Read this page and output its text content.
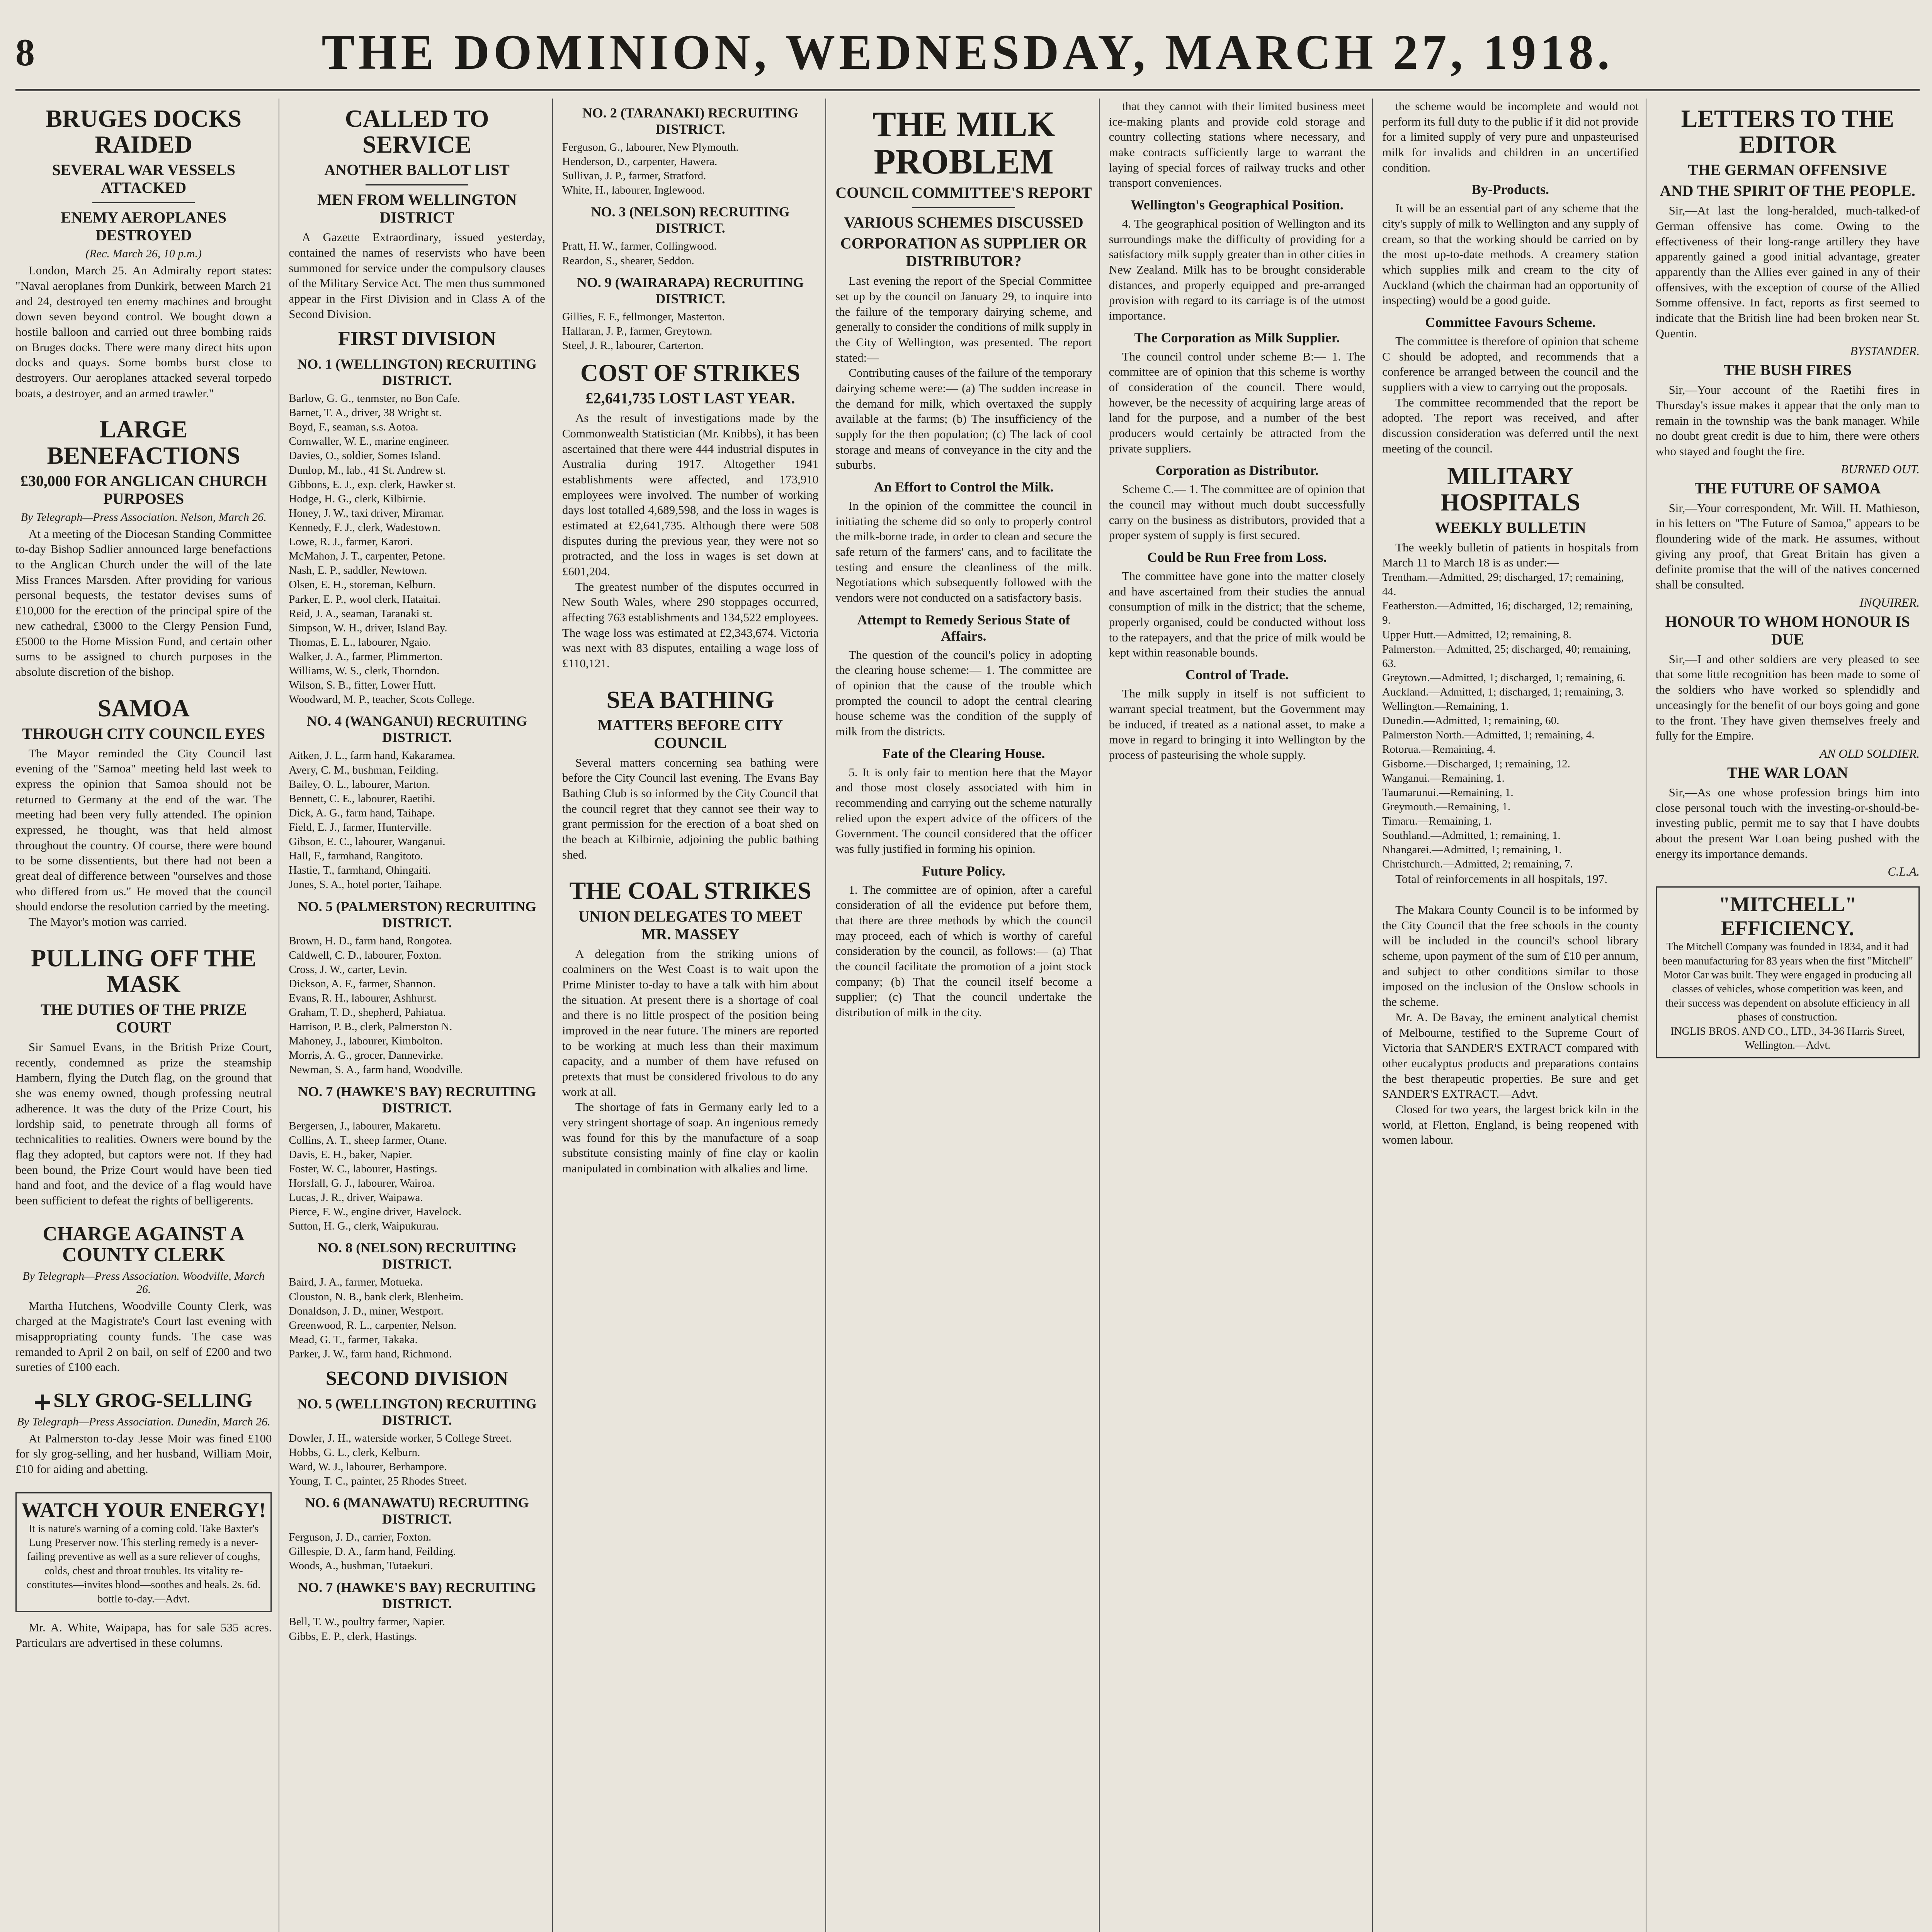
8	THE DOMINION, WEDNESDAY, MARCH 27, 1918.
BRUGES DOCKS RAIDED
SEVERAL WAR VESSELS ATTACKED
ENEMY AEROPLANES DESTROYED
(Rec. March 26, 10 p.m.)

London, March 25. An Admiralty report states: "Naval aeroplanes from Dunkirk, between March 21 and 24, destroyed ten enemy machines and brought down seven beyond control. We bought down a hostile balloon and carried out three bombing raids on Bruges docks. There were many direct hits upon docks and quays. Some bombs burst close to destroyers. Our aeroplanes attacked several torpedo boats, a destroyer, and an armed trawler."

LARGE BENEFACTIONS
£30,000 FOR ANGLICAN CHURCH PURPOSES
By Telegraph—Press Association. Nelson, March 26.

At a meeting of the Diocesan Standing Committee to-day Bishop Sadlier announced large benefactions to the Anglican Church under the will of the late Miss Frances Marsden. After providing for various personal bequests, the testator devises sums of £10,000 for the erection of the principal spire of the new cathedral, £3000 to the Clergy Pension Fund, £5000 to the Home Mission Fund, and certain other sums to be assigned to church purposes in the absolute discretion of the bishop.

SAMOA
THROUGH CITY COUNCIL EYES

The Mayor reminded the City Council last evening of the "Samoa" meeting held last week to express the opinion that Samoa should not be returned to Germany at the end of the war. The meeting had been very fully attended. The opinion expressed, he thought, was that held almost throughout the country. Of course, there were bound to be some dissentients, but there had not been a great deal of difference between "ourselves and those who differed from us." He moved that the council should endorse the resolution carried by the meeting.

The Mayor's motion was carried.

PULLING OFF THE MASK
THE DUTIES OF THE PRIZE COURT

Sir Samuel Evans, in the British Prize Court, recently, condemned as prize the steamship Hambern, flying the Dutch flag, on the ground that she was enemy owned, though professing neutral adherence. It was the duty of the Prize Court, his lordship said, to penetrate through all forms of technicalities to realities. Owners were bound by the flag they adopted, but captors were not. If they had been bound, the Prize Court would have been tied hand and foot, and the device of a flag would have been sufficient to defeat the rights of belligerents.

CHARGE AGAINST A COUNTY CLERK
By Telegraph—Press Association. Woodville, March 26.

Martha Hutchens, Woodville County Clerk, was charged at the Magistrate's Court last evening with misappropriating county funds. The case was remanded to April 2 on bail, on self of £200 and two sureties of £100 each.

SLY GROG-SELLING
By Telegraph—Press Association. Dunedin, March 26.

At Palmerston to-day Jesse Moir was fined £100 for sly grog-selling, and her husband, William Moir, £10 for aiding and abetting.

WATCH YOUR ENERGY!
It is nature's warning of a coming cold. Take Baxter's Lung Preserver now. This sterling remedy is a never-failing preventive as well as a sure reliever of coughs, colds, chest and throat troubles. Its vitality re-constitutes—invites blood—soothes and heals. 2s. 6d. bottle to-day.—Advt.

Mr. A. White, Waipapa, has for sale 535 acres. Particulars are advertised in these columns.

CALLED TO SERVICE
ANOTHER BALLOT LIST
MEN FROM WELLINGTON DISTRICT

A Gazette Extraordinary, issued yesterday, contained the names of reservists who have been summoned for service under the compulsory clauses of the Military Service Act. The men thus summoned appear in the First Division and in Class A of the Second Division.

FIRST DIVISION
NO. 1 (WELLINGTON) RECRUITING DISTRICT.
Barlow, G. G., tenmster, no Bon Cafe.
Barnet, T. A., driver, 38 Wright st.
Boyd, F., seaman, s.s. Aotoa.
Cornwaller, W. E., marine engineer.
Davies, O., soldier, Somes Island.
Dunlop, M., lab., 41 St. Andrew st.
Gibbons, E. J., exp. clerk, Hawker st.
Hodge, H. G., clerk, Kilbirnie.
Honey, J. W., taxi driver, Miramar.
Kennedy, F. J., clerk, Wadestown.
Lowe, R. J., farmer, Karori.
McMahon, J. T., carpenter, Petone.
Nash, E. P., saddler, Newtown.
Olsen, E. H., storeman, Kelburn.
Parker, E. P., wool clerk, Hataitai.
Reid, J. A., seaman, Taranaki st.
Simpson, W. H., driver, Island Bay.
Thomas, E. L., labourer, Ngaio.
Walker, J. A., farmer, Plimmerton.
Williams, W. S., clerk, Thorndon.
Wilson, S. B., fitter, Lower Hutt.
Woodward, M. P., teacher, Scots College.
NO. 4 (WANGANUI) RECRUITING DISTRICT.
Aitken, J. L., farm hand, Kakaramea.
Avery, C. M., bushman, Feilding.
Bailey, O. L., labourer, Marton.
Bennett, C. E., labourer, Raetihi.
Dick, A. G., farm hand, Taihape.
Field, E. J., farmer, Hunterville.
Gibson, E. C., labourer, Wanganui.
Hall, F., farmhand, Rangitoto.
Hastie, T., farmhand, Ohingaiti.
Jones, S. A., hotel porter, Taihape.
NO. 5 (PALMERSTON) RECRUITING DISTRICT.
Brown, H. D., farm hand, Rongotea.
Caldwell, C. D., labourer, Foxton.
Cross, J. W., carter, Levin.
Dickson, A. F., farmer, Shannon.
Evans, R. H., labourer, Ashhurst.
Graham, T. D., shepherd, Pahiatua.
Harrison, P. B., clerk, Palmerston N.
Mahoney, J., labourer, Kimbolton.
Morris, A. G., grocer, Dannevirke.
Newman, S. A., farm hand, Woodville.
NO. 7 (HAWKE'S BAY) RECRUITING DISTRICT.
Bergersen, J., labourer, Makaretu.
Collins, A. T., sheep farmer, Otane.
Davis, E. H., baker, Napier.
Foster, W. C., labourer, Hastings.
Horsfall, G. J., labourer, Wairoa.
Lucas, J. R., driver, Waipawa.
Pierce, F. W., engine driver, Havelock.
Sutton, H. G., clerk, Waipukurau.
NO. 8 (NELSON) RECRUITING DISTRICT.
Baird, J. A., farmer, Motueka.
Clouston, N. B., bank clerk, Blenheim.
Donaldson, J. D., miner, Westport.
Greenwood, R. L., carpenter, Nelson.
Mead, G. T., farmer, Takaka.
Parker, J. W., farm hand, Richmond.
SECOND DIVISION
NO. 5 (WELLINGTON) RECRUITING DISTRICT.
Dowler, J. H., waterside worker, 5 College Street.
Hobbs, G. L., clerk, Kelburn.
Ward, W. J., labourer, Berhampore.
Young, T. C., painter, 25 Rhodes Street.
NO. 6 (MANAWATU) RECRUITING DISTRICT.
Ferguson, J. D., carrier, Foxton.
Gillespie, D. A., farm hand, Feilding.
Woods, A., bushman, Tutaekuri.
NO. 7 (HAWKE'S BAY) RECRUITING DISTRICT.
Bell, T. W., poultry farmer, Napier.
Gibbs, E. P., clerk, Hastings.
NO. 2 (TARANAKI) RECRUITING DISTRICT.
Ferguson, G., labourer, New Plymouth.
Henderson, D., carpenter, Hawera.
Sullivan, J. P., farmer, Stratford.
White, H., labourer, Inglewood.
NO. 3 (NELSON) RECRUITING DISTRICT.
Pratt, H. W., farmer, Collingwood.
Reardon, S., shearer, Seddon.
NO. 9 (WAIRARAPA) RECRUITING DISTRICT.
Gillies, F. F., fellmonger, Masterton.
Hallaran, J. P., farmer, Greytown.
Steel, J. R., labourer, Carterton.
COST OF STRIKES
£2,641,735 LOST LAST YEAR.

As the result of investigations made by the Commonwealth Statistician (Mr. Knibbs), it has been ascertained that there were 444 industrial disputes in Australia during 1917. Altogether 1941 establishments were affected, and 173,910 employees were involved. The number of working days lost totalled 4,689,598, and the loss in wages is estimated at £2,641,735. Although there were 508 disputes during the previous year, they were not so protracted, and the loss in wages is set down at £601,204.

The greatest number of the disputes occurred in New South Wales, where 290 stoppages occurred, affecting 763 establishments and 134,522 employees. The wage loss was estimated at £2,343,674. Victoria was next with 83 disputes, entailing a wage loss of £110,121.

SEA BATHING
MATTERS BEFORE CITY COUNCIL

Several matters concerning sea bathing were before the City Council last evening. The Evans Bay Bathing Club is so informed by the City Council that the council regret that they cannot see their way to grant permission for the erection of a boat shed on the beach at Kilbirnie, adjoining the public bathing shed.

THE COAL STRIKES
UNION DELEGATES TO MEET MR. MASSEY

A delegation from the striking unions of coalminers on the West Coast is to wait upon the Prime Minister to-day to have a talk with him about the situation. At present there is a shortage of coal and there is no little prospect of the position being improved in the near future. The miners are reported to be working at much less than their maximum capacity, and a number of them have refused on pretexts that must be considered frivolous to do any work at all.

The shortage of fats in Germany early led to a very stringent shortage of soap. An ingenious remedy was found for this by the manufacture of a soap substitute consisting mainly of fine clay or kaolin manipulated in combination with alkalies and lime.

THE MILK PROBLEM
COUNCIL COMMITTEE'S REPORT
VARIOUS SCHEMES DISCUSSED
CORPORATION AS SUPPLIER OR DISTRIBUTOR?

Last evening the report of the Special Committee set up by the council on January 29, to inquire into the failure of the temporary dairying scheme, and generally to consider the conditions of milk supply in the City of Wellington, was presented. The report stated:—

Contributing causes of the failure of the temporary dairying scheme were:— (a) The sudden increase in the demand for milk, which overtaxed the supply available at the farms; (b) The insufficiency of the supply for the then population; (c) The lack of cool storage and means of conveyance in the city and the suburbs.

An Effort to Control the Milk.

In the opinion of the committee the council in initiating the scheme did so only to properly control the milk-borne trade, in order to clean and secure the safe return of the farmers' cans, and to facilitate the testing and ensure the cleanliness of the milk. Negotiations which subsequently followed with the vendors were not conducted on a satisfactory basis.

Attempt to Remedy Serious State of Affairs.

The question of the council's policy in adopting the clearing house scheme:— 1. The committee are of opinion that the cause of the trouble which prompted the council to adopt the central clearing house scheme was the condition of the supply of milk from the districts.

Fate of the Clearing House.

5. It is only fair to mention here that the Mayor and those most closely associated with him in recommending and carrying out the scheme naturally relied upon the expert advice of the officers of the Government. The council considered that the officer was fully justified in forming his opinion.

Future Policy.

1. The committee are of opinion, after a careful consideration of all the evidence put before them, that there are three methods by which the council may proceed, each of which is worthy of careful consideration by the council, as follows:— (a) That the council facilitate the promotion of a joint stock company; (b) That the council itself become a supplier; (c) That the council undertake the distribution of milk in the city.

that they cannot with their limited business meet ice-making plants and provide cold storage and country collecting stations where necessary, and make contracts sufficiently large to warrant the laying of special forces of railway trucks and other transport conveniences.

Wellington's Geographical Position.

4. The geographical position of Wellington and its surroundings make the difficulty of providing for a satisfactory milk supply greater than in other cities in New Zealand. Milk has to be brought considerable distances, and properly equipped and pre-arranged provision with regard to its carriage is of the utmost importance.

The Corporation as Milk Supplier.

The council control under scheme B:— 1. The committee are of opinion that this scheme is worthy of consideration of the council. There would, however, be the necessity of acquiring large areas of land for the purpose, and a number of the best producers would certainly be attracted from the private suppliers.

Corporation as Distributor.

Scheme C.— 1. The committee are of opinion that the council may without much doubt successfully carry on the business as distributors, provided that a proper system of supply is first secured.

Could be Run Free from Loss.

The committee have gone into the matter closely and have ascertained from their studies the annual consumption of milk in the district; that the scheme, properly organised, could be conducted without loss to the ratepayers, and that the price of milk would be kept within reasonable bounds.

Control of Trade.

The milk supply in itself is not sufficient to warrant special treatment, but the Government may be induced, if treated as a national asset, to make a move in regard to bringing it into Wellington by the process of pasteurising the whole supply.

the scheme would be incomplete and would not perform its full duty to the public if it did not provide for a limited supply of very pure and unpasteurised milk for invalids and children in an uncertified condition.

By-Products.

It will be an essential part of any scheme that the city's supply of milk to Wellington and any supply of cream, so that the working should be carried on by the most up-to-date methods. A creamery station which supplies milk and cream to the city of Auckland (which the chairman had an opportunity of inspecting) would be a good guide.

Committee Favours Scheme.

The committee is therefore of opinion that scheme C should be adopted, and recommends that a conference be arranged between the council and the suppliers with a view to carrying out the proposals.

The committee recommended that the report be adopted. The report was received, and after discussion consideration was deferred until the next meeting of the council.

MILITARY HOSPITALS
WEEKLY BULLETIN

The weekly bulletin of patients in hospitals from March 11 to March 18 is as under:—

Trentham.—Admitted, 29; discharged, 17; remaining, 44.
Featherston.—Admitted, 16; discharged, 12; remaining, 9.
Upper Hutt.—Admitted, 12; remaining, 8.
Palmerston.—Admitted, 25; discharged, 40; remaining, 63.
Greytown.—Admitted, 1; discharged, 1; remaining, 6.
Auckland.—Admitted, 1; discharged, 1; remaining, 3.
Wellington.—Remaining, 1.
Dunedin.—Admitted, 1; remaining, 60.
Palmerston North.—Admitted, 1; remaining, 4.
Rotorua.—Remaining, 4.
Gisborne.—Discharged, 1; remaining, 12.
Wanganui.—Remaining, 1.
Taumarunui.—Remaining, 1.
Greymouth.—Remaining, 1.
Timaru.—Remaining, 1.
Southland.—Admitted, 1; remaining, 1.
Nhangarei.—Admitted, 1; remaining, 1.
Christchurch.—Admitted, 2; remaining, 7.

Total of reinforcements in all hospitals, 197.

The Makara County Council is to be informed by the City Council that the free schools in the county will be included in the council's school library scheme, upon payment of the sum of £10 per annum, and subject to other conditions similar to those imposed on the inclusion of the Onslow schools in the scheme.

Mr. A. De Bavay, the eminent analytical chemist of Melbourne, testified to the Supreme Court of Victoria that SANDER'S EXTRACT compared with other eucalyptus products and preparations contains the best therapeutic properties. Be sure and get SANDER'S EXTRACT.—Advt.

Closed for two years, the largest brick kiln in the world, at Fletton, England, is being reopened with women labour.

LETTERS TO THE EDITOR
THE GERMAN OFFENSIVE
AND THE SPIRIT OF THE PEOPLE.

Sir,—At last the long-heralded, much-talked-of German offensive has come. Owing to the effectiveness of their long-range artillery they have apparently gained a good initial advantage, greater apparently than the Allies ever gained in any of their offensives, with the exception of course of the Allied Somme offensive. In fact, reports as first seemed to indicate that the British line had been broken near St. Quentin.

BYSTANDER.
THE BUSH FIRES

Sir,—Your account of the Raetihi fires in Thursday's issue makes it appear that the only man to remain in the township was the bank manager. While no doubt great credit is due to him, there were others who stayed and fought the fire.

BURNED OUT.
THE FUTURE OF SAMOA

Sir,—Your correspondent, Mr. Will. H. Mathieson, in his letters on "The Future of Samoa," appears to be floundering wide of the mark. He assumes, without giving any proof, that Great Britain has given a definite promise that the will of the natives concerned shall be consulted.

INQUIRER.
HONOUR TO WHOM HONOUR IS DUE

Sir,—I and other soldiers are very pleased to see that some little recognition has been made to some of the soldiers who have worked so splendidly and unceasingly for the benefit of our boys going and gone to the front. They have given themselves freely and fully for the Empire.

AN OLD SOLDIER.
THE WAR LOAN

Sir,—As one whose profession brings him into close personal touch with the investing-or-should-be-investing public, permit me to say that I have doubts about the present War Loan being pushed with the energy its importance demands.

C.L.A.
"MITCHELL" EFFICIENCY.
The Mitchell Company was founded in 1834, and it had been manufacturing for 83 years when the first "Mitchell" Motor Car was built. They were engaged in producing all classes of vehicles, whose competition was keen, and their success was dependent on absolute efficiency in all phases of construction.
INGLIS BROS. AND CO., LTD., 34-36 Harris Street, Wellington.—Advt.
